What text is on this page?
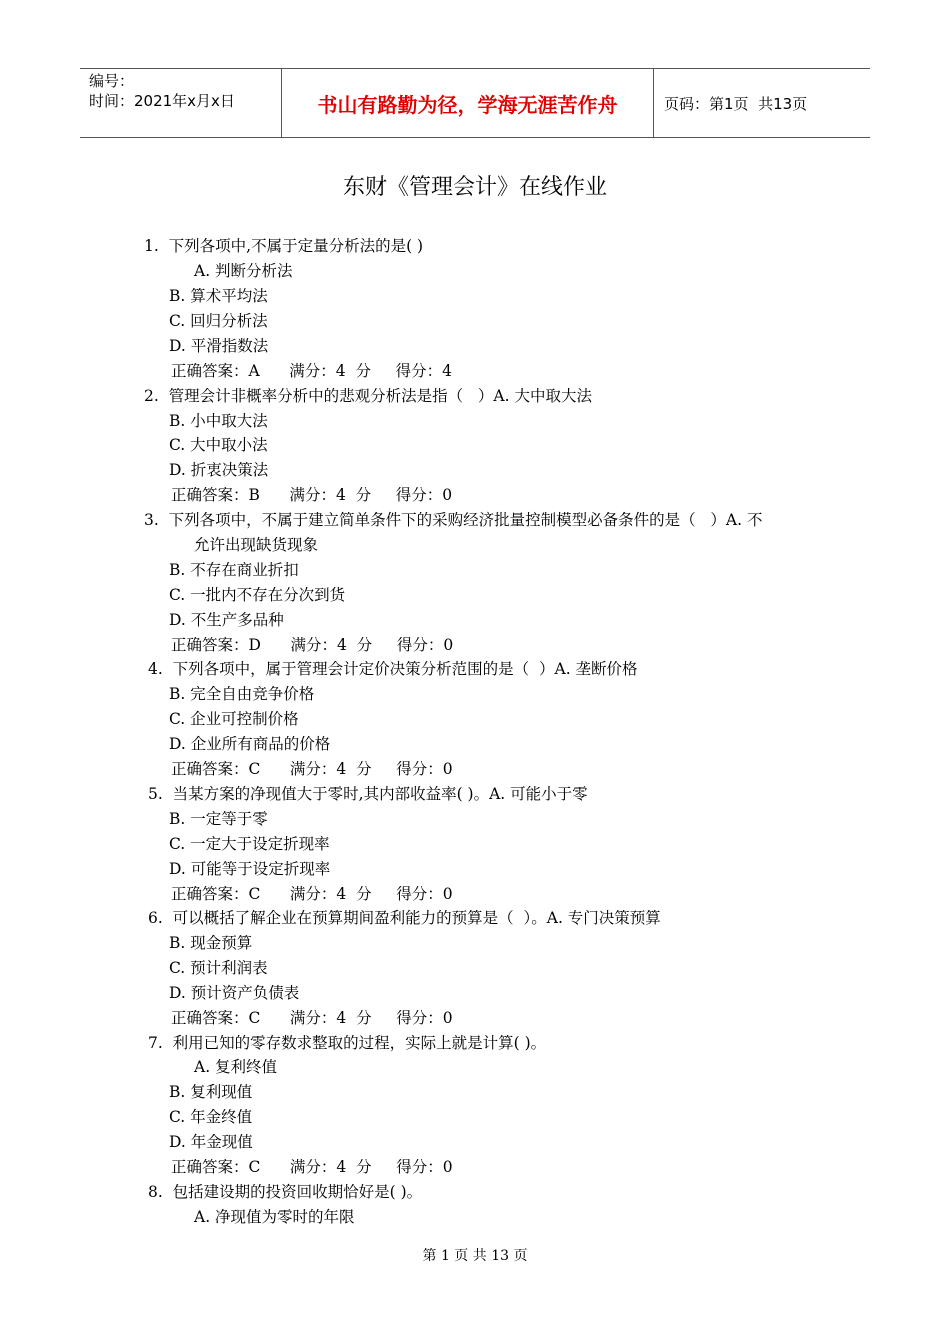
编号：
时间：2021年x月x日	书山有路勤为径，学海无涯苦作舟	页码：第1页  共13页
东财《管理会计》在线作业
1.  下列各项中,不属于定量分析法的是( )
A. 判断分析法
B. 算术平均法
C. 回归分析法
D. 平滑指数法
正确答案：A      满分：4  分     得分：4
2.  管理会计非概率分析中的悲观分析法是指（   ）A. 大中取大法
B. 小中取大法
C. 大中取小法
D. 折衷决策法
正确答案：B      满分：4  分     得分：0
3.  下列各项中，不属于建立简单条件下的采购经济批量控制模型必备条件的是（   ）A. 不
允许出现缺货现象
B. 不存在商业折扣
C. 一批内不存在分次到货
D. 不生产多品种
正确答案：D      满分：4  分     得分：0
4.  下列各项中，属于管理会计定价决策分析范围的是（  ）A. 垄断价格
B. 完全自由竞争价格
C. 企业可控制价格
D. 企业所有商品的价格
正确答案：C      满分：4  分     得分：0
5.  当某方案的净现值大于零时,其内部收益率( )。A. 可能小于零
B. 一定等于零
C. 一定大于设定折现率
D. 可能等于设定折现率
正确答案：C      满分：4  分     得分：0
6.  可以概括了解企业在预算期间盈利能力的预算是（  ）。A. 专门决策预算
B. 现金预算
C. 预计利润表
D. 预计资产负债表
正确答案：C      满分：4  分     得分：0
7.  利用已知的零存数求整取的过程，实际上就是计算( )。
A. 复利终值
B. 复利现值
C. 年金终值
D. 年金现值
正确答案：C      满分：4  分     得分：0
8.  包括建设期的投资回收期恰好是( )。
A. 净现值为零时的年限
第 1 页 共 13 页
